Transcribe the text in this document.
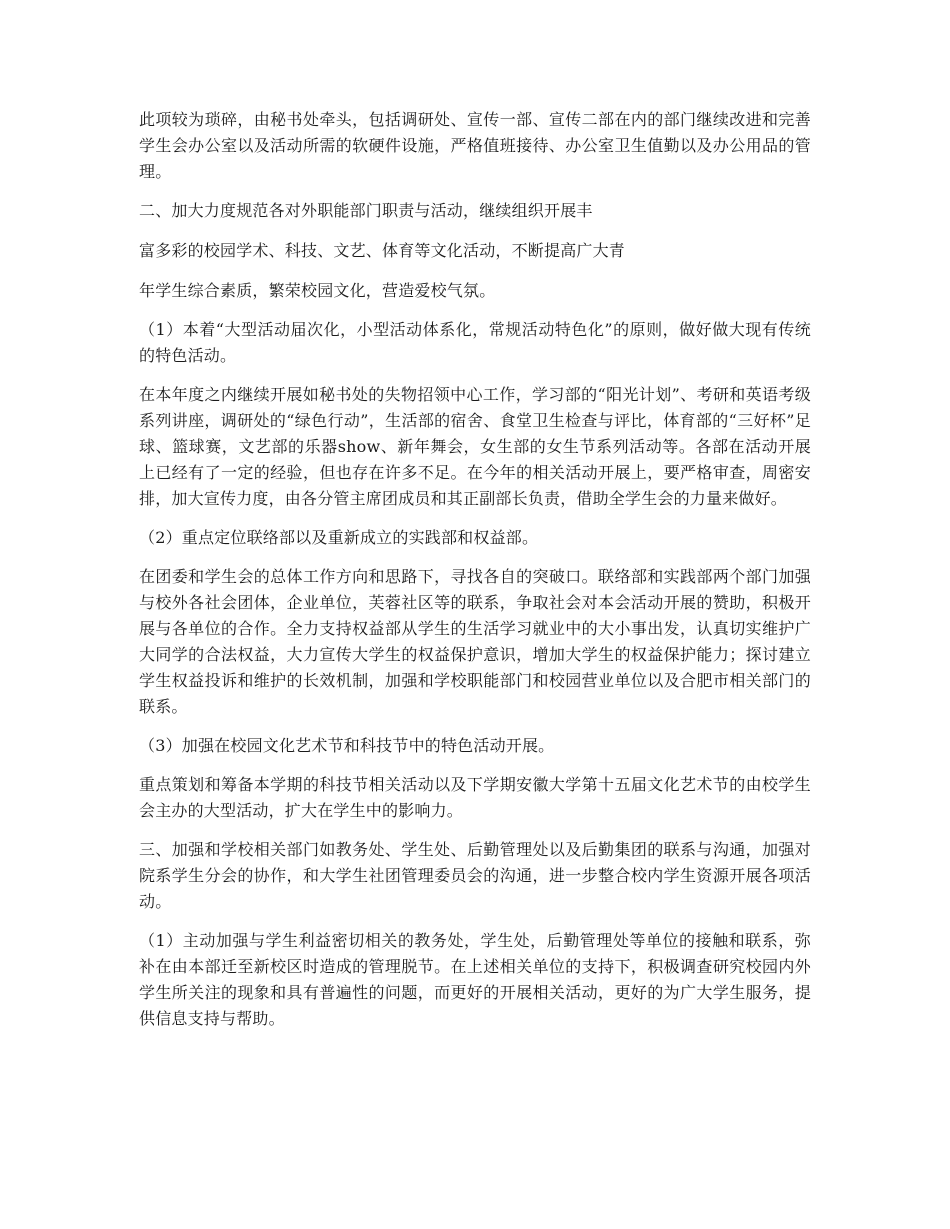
此项较为琐碎，由秘书处牵头，包括调研处、宣传一部、宣传二部在内的部门继续改进和完善学生会办公室以及活动所需的软硬件设施，严格值班接待、办公室卫生值勤以及办公用品的管理。

二、加大力度规范各对外职能部门职责与活动，继续组织开展丰

富多彩的校园学术、科技、文艺、体育等文化活动，不断提高广大青

年学生综合素质，繁荣校园文化，营造爱校气氛。

（1）本着“大型活动届次化，小型活动体系化，常规活动特色化”的原则，做好做大现有传统的特色活动。

在本年度之内继续开展如秘书处的失物招领中心工作，学习部的“阳光计划”、考研和英语考级系列讲座，调研处的“绿色行动”，生活部的宿舍、食堂卫生检查与评比，体育部的“三好杯”足球、篮球赛，文艺部的乐器show、新年舞会，女生部的女生节系列活动等。各部在活动开展上已经有了一定的经验，但也存在许多不足。在今年的相关活动开展上，要严格审查，周密安排，加大宣传力度，由各分管主席团成员和其正副部长负责，借助全学生会的力量来做好。

（2）重点定位联络部以及重新成立的实践部和权益部。

在团委和学生会的总体工作方向和思路下，寻找各自的突破口。联络部和实践部两个部门加强与校外各社会团体，企业单位，芙蓉社区等的联系，争取社会对本会活动开展的赞助，积极开展与各单位的合作。全力支持权益部从学生的生活学习就业中的大小事出发，认真切实维护广大同学的合法权益，大力宣传大学生的权益保护意识，增加大学生的权益保护能力；探讨建立学生权益投诉和维护的长效机制，加强和学校职能部门和校园营业单位以及合肥市相关部门的联系。

（3）加强在校园文化艺术节和科技节中的特色活动开展。

重点策划和筹备本学期的科技节相关活动以及下学期安徽大学第十五届文化艺术节的由校学生会主办的大型活动，扩大在学生中的影响力。

三、加强和学校相关部门如教务处、学生处、后勤管理处以及后勤集团的联系与沟通，加强对院系学生分会的协作，和大学生社团管理委员会的沟通，进一步整合校内学生资源开展各项活动。

（1）主动加强与学生利益密切相关的教务处，学生处，后勤管理处等单位的接触和联系，弥补在由本部迁至新校区时造成的管理脱节。在上述相关单位的支持下，积极调查研究校园内外学生所关注的现象和具有普遍性的问题，而更好的开展相关活动，更好的为广大学生服务，提供信息支持与帮助。
